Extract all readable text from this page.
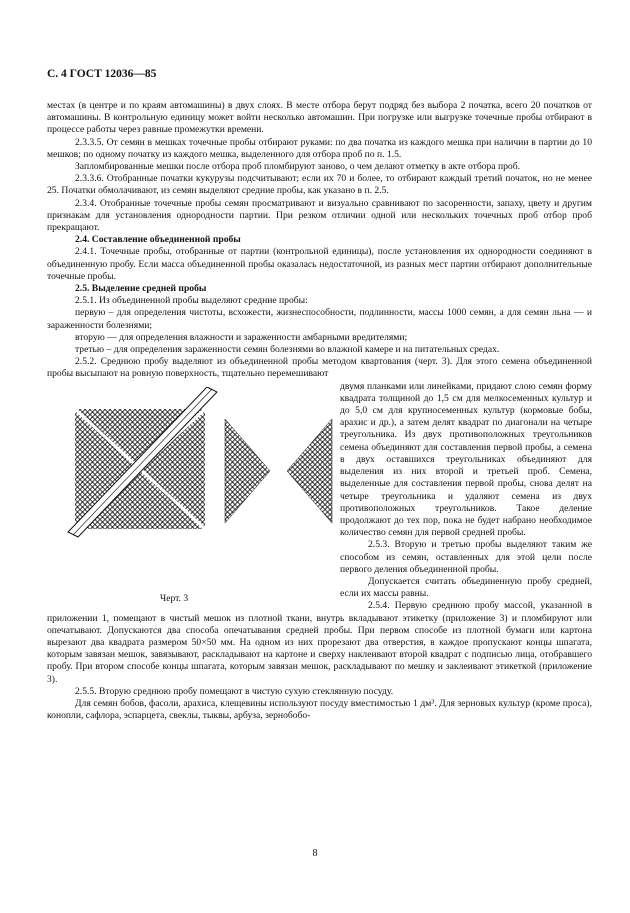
С. 4 ГОСТ 12036—85

местах (в центре и по краям автомашины) в двух слоях. В месте отбора берут подряд без выбора 2 початка, всего 20 початков от автомашины. В контрольную единицу может войти несколько автомашин. При погрузке или выгрузке точечные пробы отбирают в процессе работы через равные промежутки времени.

2.3.3.5. От семян в мешках точечные пробы отбирают руками: по два початка из каждого мешка при наличии в партии до 10 мешков; по одному початку из каждого мешка, выделенного для отбора проб по п. 1.5.

Запломбированные мешки после отбора проб пломбируют заново, о чем делают отметку в акте отбора проб.

2.3.3.6. Отобранные початки кукурузы подсчитывают; если их 70 и более, то отбирают каждый третий початок, но не менее 25. Початки обмолачивают, из семян выделяют средние пробы, как указано в п. 2.5.

2.3.4. Отобранные точечные пробы семян просматривают и визуально сравнивают по засоренности, запаху, цвету и другим признакам для установления однородности партии. При резком отличии одной или нескольких точечных проб отбор проб прекращают.

2.4. Составление объединенной пробы

2.4.1. Точечные пробы, отобранные от партии (контрольной единицы), после установления их однородности соединяют в объединенную пробу. Если масса объединенной пробы оказалась недостаточной, из разных мест партии отбирают дополнительные точечные пробы.

2.5. Выделение средней пробы

2.5.1. Из объединенной пробы выделяют средние пробы:

первую – для определения чистоты, всхожести, жизнеспособности, подлинности, массы 1000 семян, а для семян льна — и зараженности болезнями;

вторую — для определения влажности и зараженности амбарными вредителями;

третью – для определения зараженности семян болезнями во влажной камере и на питательных средах.

2.5.2. Среднюю пробу выделяют из объединенной пробы методом квартования (черт. 3). Для этого семена объединенной пробы высыпают на ровную поверхность, тщательно перемешивают

Черт. 3

двумя планками или линейками, придают слою семян форму квадрата толщиной до 1,5 см для мелкосеменных культур и до 5,0 см для крупносеменных культур (кормовые бобы, арахис и др.), а затем делят квадрат по диагонали на четыре треугольника. Из двух противоположных треугольников семена объединяют для составления первой пробы, а семена в двух оставшихся треугольниках объединяют для выделения из них второй и третьей проб. Семена, выделенные для составления первой пробы, снова делят на четыре треугольника и удаляют семена из двух противоположных треугольников. Такое деление продолжают до тех пор, пока не будет набрано необходимое количество семян для первой средней пробы.

2.5.3. Вторую и третью пробы выделяют таким же способом из семян, оставленных для этой цели после первого деления объединенной пробы.

Допускается считать объединенную пробу средней, если их массы равны.

2.5.4. Первую среднюю пробу массой, указанной в приложении 1, помещают в чистый мешок из плотной ткани, внутрь вкладывают этикетку (приложение 3) и пломбируют или опечатывают. Допускаются два способа опечатывания средней пробы. При первом способе из плотной бумаги или картона вырезают два квадрата размером 50×50 мм. На одном из них прорезают два отверстия, в каждое пропускают концы шпагата, которым завязан мешок, завязывают, раскладывают на картоне и сверху наклеивают второй квадрат с подписью лица, отобравшего пробу. При втором способе концы шпагата, которым завязан мешок, раскладывают по мешку и заклеивают этикеткой (приложение 3).

2.5.5. Вторую среднюю пробу помещают в чистую сухую стеклянную посуду.

Для семян бобов, фасоли, арахиса, клещевины используют посуду вместимостью 1 дм³. Для зерновых культур (кроме проса), конопли, сафлора, эспарцета, свеклы, тыквы, арбуза, зернобобо-

8
